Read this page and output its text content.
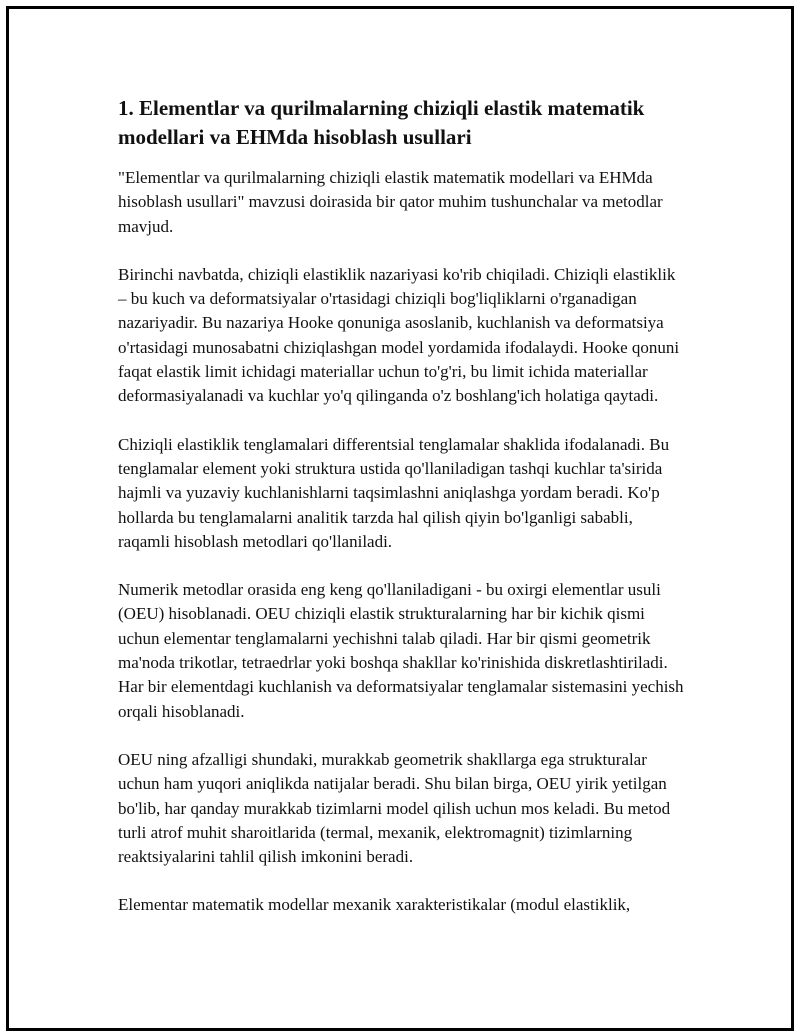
1. Elementlar va qurilmalarning chiziqli elastik matematik modellari va EHMda hisoblash usullari

"Elementlar va qurilmalarning chiziqli elastik matematik modellari va EHMda hisoblash usullari" mavzusi doirasida bir qator muhim tushunchalar va metodlar mavjud.

Birinchi navbatda, chiziqli elastiklik nazariyasi ko'rib chiqiladi. Chiziqli elastiklik – bu kuch va deformatsiyalar o'rtasidagi chiziqli bog'liqliklarni o'rganadigan nazariyadir. Bu nazariya Hooke qonuniga asoslanib, kuchlanish va deformatsiya o'rtasidagi munosabatni chiziqlashgan model yordamida ifodalaydi. Hooke qonuni faqat elastik limit ichidagi materiallar uchun to'g'ri, bu limit ichida materiallar deformasiyalanadi va kuchlar yo'q qilinganda o'z boshlang'ich holatiga qaytadi.

Chiziqli elastiklik tenglamalari differentsial tenglamalar shaklida ifodalanadi. Bu tenglamalar element yoki struktura ustida qo'llaniladigan tashqi kuchlar ta'sirida hajmli va yuzaviy kuchlanishlarni taqsimlashni aniqlashga yordam beradi. Ko'p hollarda bu tenglamalarni analitik tarzda hal qilish qiyin bo'lganligi sababli, raqamli hisoblash metodlari qo'llaniladi.

Numerik metodlar orasida eng keng qo'llaniladigani - bu oxirgi elementlar usuli (OEU) hisoblanadi. OEU chiziqli elastik strukturalarning har bir kichik qismi uchun elementar tenglamalarni yechishni talab qiladi. Har bir qismi geometrik ma'noda trikotlar, tetraedrlar yoki boshqa shakllar ko'rinishida diskretlashtiriladi. Har bir elementdagi kuchlanish va deformatsiyalar tenglamalar sistemasini yechish orqali hisoblanadi.

OEU ning afzalligi shundaki, murakkab geometrik shakllarga ega strukturalar uchun ham yuqori aniqlikda natijalar beradi. Shu bilan birga, OEU yirik yetilgan bo'lib, har qanday murakkab tizimlarni model qilish uchun mos keladi. Bu metod turli atrof muhit sharoitlarida (termal, mexanik, elektromagnit) tizimlarning reaktsiyalarini tahlil qilish imkonini beradi.

Elementar matematik modellar mexanik xarakteristikalar (modul elastiklik,
